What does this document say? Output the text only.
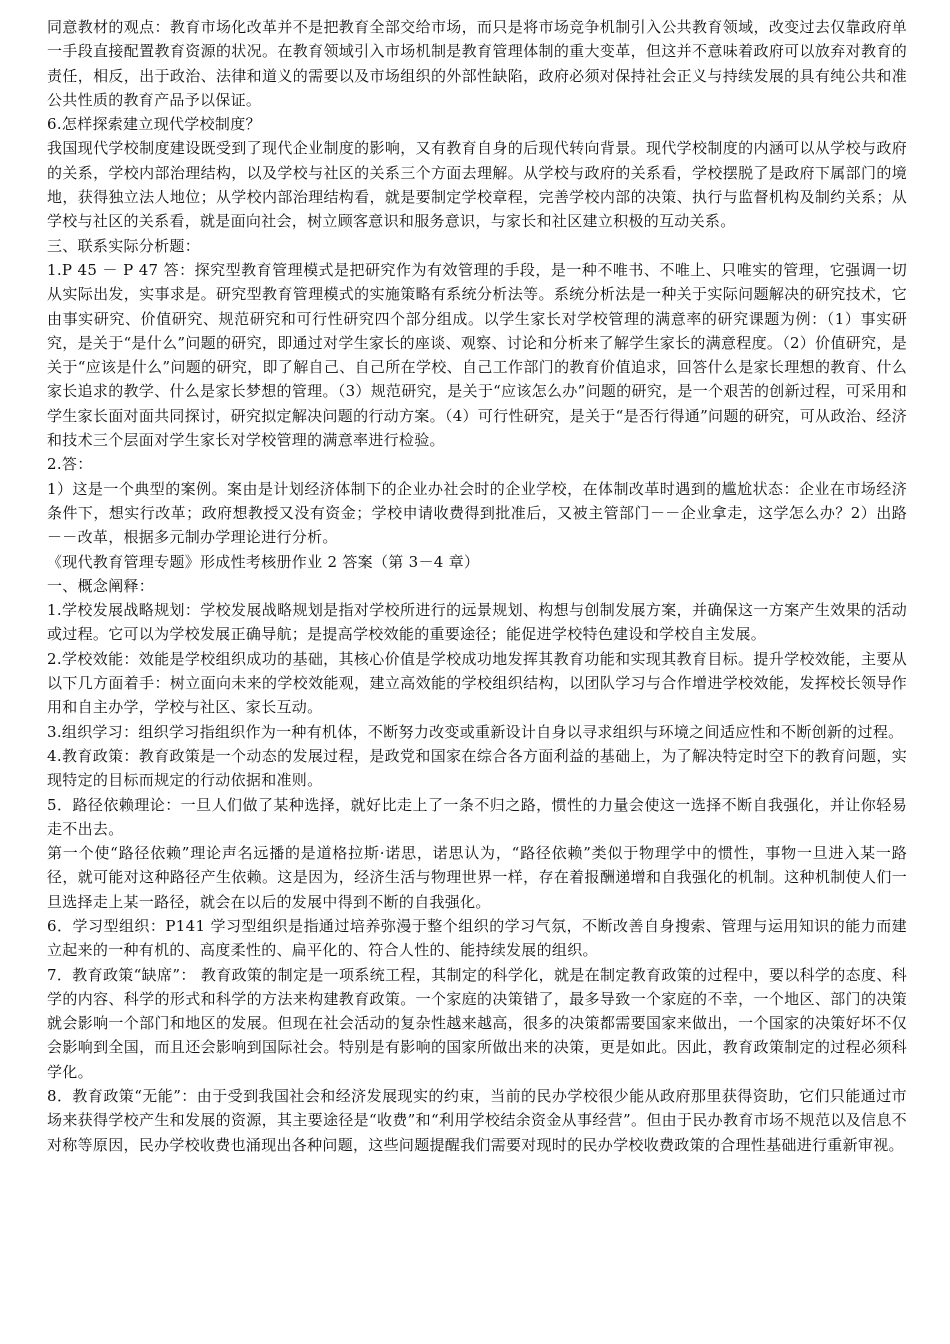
同意教材的观点：教育市场化改革并不是把教育全部交给市场，而只是将市场竞争机制引入公共教育领域，改变过去仅靠政府单一手段直接配置教育资源的状况。在教育领域引入市场机制是教育管理体制的重大变革，但这并不意味着政府可以放弃对教育的责任，相反，出于政治、法律和道义的需要以及市场组织的外部性缺陷，政府必须对保持社会正义与持续发展的具有纯公共和准公共性质的教育产品予以保证。

6.怎样探索建立现代学校制度？

我国现代学校制度建设既受到了现代企业制度的影响，又有教育自身的后现代转向背景。现代学校制度的内涵可以从学校与政府的关系，学校内部治理结构，以及学校与社区的关系三个方面去理解。从学校与政府的关系看，学校摆脱了是政府下属部门的境地，获得独立法人地位；从学校内部治理结构看，就是要制定学校章程，完善学校内部的决策、执行与监督机构及制约关系；从学校与社区的关系看，就是面向社会，树立顾客意识和服务意识，与家长和社区建立积极的互动关系。

三、联系实际分析题：

1.P 45 － P 47 答：探究型教育管理模式是把研究作为有效管理的手段，是一种不唯书、不唯上、只唯实的管理，它强调一切从实际出发，实事求是。研究型教育管理模式的实施策略有系统分析法等。系统分析法是一种关于实际问题解决的研究技术，它由事实研究、价值研究、规范研究和可行性研究四个部分组成。以学生家长对学校管理的满意率的研究课题为例：（1）事实研究，是关于“是什么”问题的研究，即通过对学生家长的座谈、观察、讨论和分析来了解学生家长的满意程度。（2）价值研究，是关于“应该是什么”问题的研究，即了解自己、自己所在学校、自己工作部门的教育价值追求，回答什么是家长理想的教育、什么家长追求的教学、什么是家长梦想的管理。（3）规范研究，是关于“应该怎么办”问题的研究，是一个艰苦的创新过程，可采用和学生家长面对面共同探讨，研究拟定解决问题的行动方案。（4）可行性研究，是关于“是否行得通”问题的研究，可从政治、经济和技术三个层面对学生家长对学校管理的满意率进行检验。

2.答：

1）这是一个典型的案例。案由是计划经济体制下的企业办社会时的企业学校，在体制改革时遇到的尴尬状态：企业在市场经济条件下，想实行改革；政府想教授又没有资金；学校申请收费得到批准后，又被主管部门－－企业拿走，这学怎么办？2）出路－－改革，根据多元制办学理论进行分析。

《现代教育管理专题》形成性考核册作业 2 答案（第 3－4 章）

一、概念阐释：

1.学校发展战略规划：学校发展战略规划是指对学校所进行的远景规划、构想与创制发展方案，并确保这一方案产生效果的活动或过程。它可以为学校发展正确导航；是提高学校效能的重要途径；能促进学校特色建设和学校自主发展。

2.学校效能：效能是学校组织成功的基础，其核心价值是学校成功地发挥其教育功能和实现其教育目标。提升学校效能，主要从以下几方面着手：树立面向未来的学校效能观，建立高效能的学校组织结构，以团队学习与合作增进学校效能，发挥校长领导作用和自主办学，学校与社区、家长互动。

3.组织学习：组织学习指组织作为一种有机体，不断努力改变或重新设计自身以寻求组织与环境之间适应性和不断创新的过程。

4.教育政策：教育政策是一个动态的发展过程，是政党和国家在综合各方面利益的基础上，为了解决特定时空下的教育问题，实现特定的目标而规定的行动依据和准则。

5．路径依赖理论：一旦人们做了某种选择，就好比走上了一条不归之路，惯性的力量会使这一选择不断自我强化，并让你轻易走不出去。

第一个使“路径依赖”理论声名远播的是道格拉斯·诺思，诺思认为，“路径依赖”类似于物理学中的惯性，事物一旦进入某一路径，就可能对这种路径产生依赖。这是因为，经济生活与物理世界一样，存在着报酬递增和自我强化的机制。这种机制使人们一旦选择走上某一路径，就会在以后的发展中得到不断的自我强化。

6．学习型组织：P141 学习型组织是指通过培养弥漫于整个组织的学习气氛，不断改善自身搜索、管理与运用知识的能力而建立起来的一种有机的、高度柔性的、扁平化的、符合人性的、能持续发展的组织。

7．教育政策“缺席”： 教育政策的制定是一项系统工程，其制定的科学化，就是在制定教育政策的过程中，要以科学的态度、科学的内容、科学的形式和科学的方法来构建教育政策。一个家庭的决策错了，最多导致一个家庭的不幸，一个地区、部门的决策就会影响一个部门和地区的发展。但现在社会活动的复杂性越来越高，很多的决策都需要国家来做出，一个国家的决策好坏不仅会影响到全国，而且还会影响到国际社会。特别是有影响的国家所做出来的决策，更是如此。因此，教育政策制定的过程必须科学化。

8．教育政策“无能”：由于受到我国社会和经济发展现实的约束，当前的民办学校很少能从政府那里获得资助，它们只能通过市场来获得学校产生和发展的资源，其主要途径是“收费”和“利用学校结余资金从事经营”。但由于民办教育市场不规范以及信息不对称等原因，民办学校收费也涌现出各种问题，这些问题提醒我们需要对现时的民办学校收费政策的合理性基础进行重新审视。
